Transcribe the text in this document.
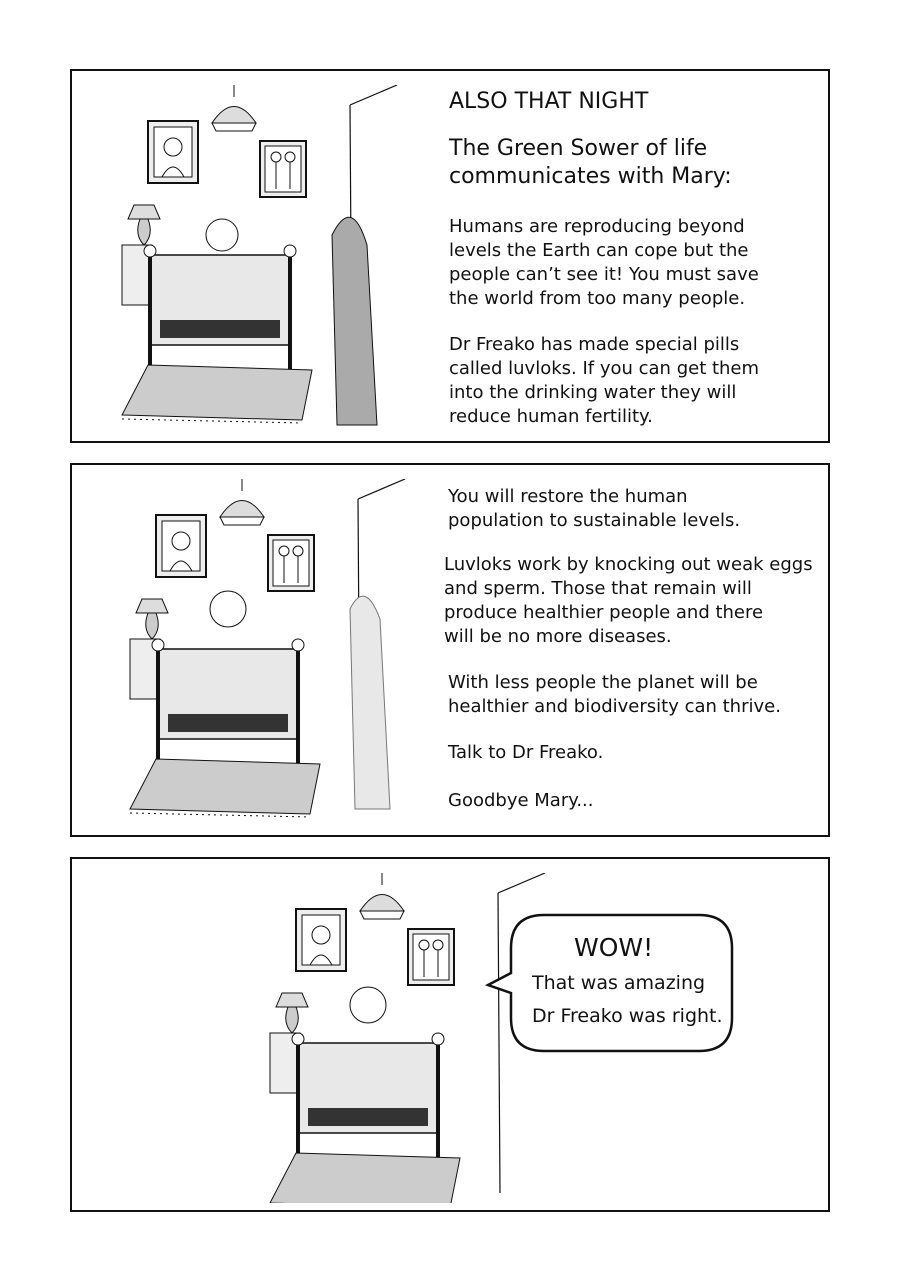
ALSO THAT NIGHT
The Green Sower of life
communicates with Mary:
Humans are reproducing beyond
levels the Earth can cope but the
people can’t see it! You must save
the world from too many people.
Dr Freako has made special pills
called luvloks. If you can get them
into the drinking water they will
reduce human fertility.
You will restore the human
population to sustainable levels.
Luvloks work by knocking out weak eggs
and sperm. Those that remain will
produce healthier people and there
will be no more diseases.
With less people the planet will be
healthier and biodiversity can thrive.
Talk to Dr Freako.
Goodbye Mary...
WOW!
That was amazing
Dr Freako was right.
